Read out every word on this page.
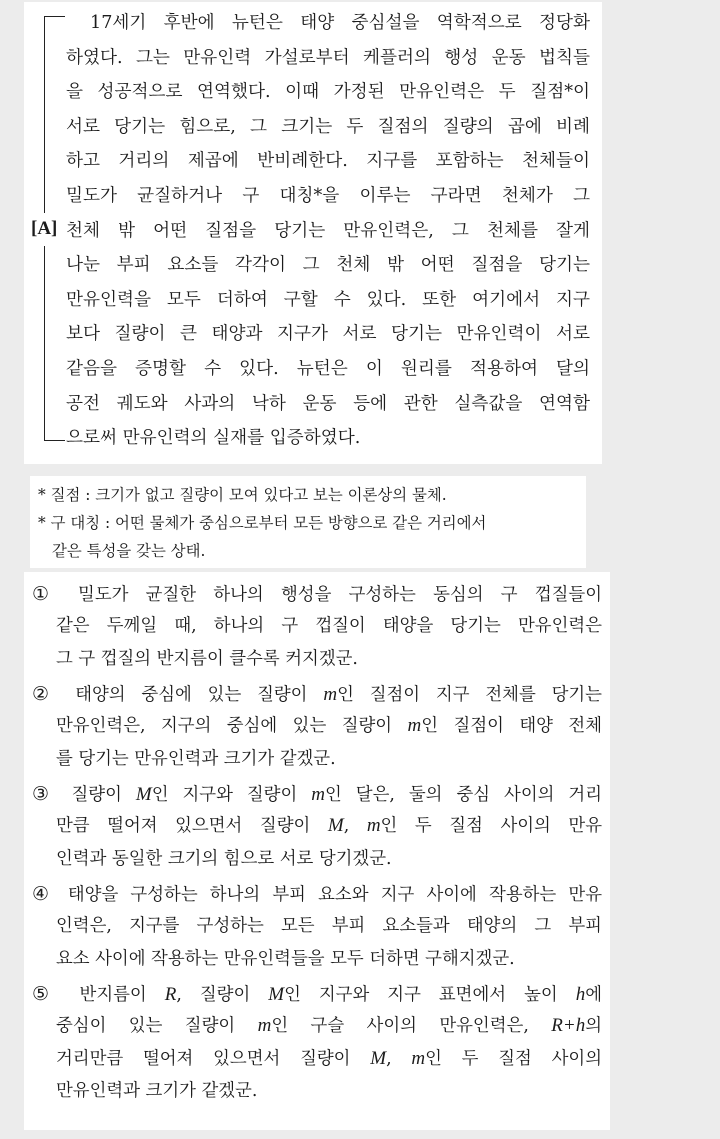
[A]
17세기 후반에 뉴턴은 태양 중심설을 역학적으로 정당화
하였다. 그는 만유인력 가설로부터 케플러의 행성 운동 법칙들
을 성공적으로 연역했다. 이때 가정된 만유인력은 두 질점*이
서로 당기는 힘으로, 그 크기는 두 질점의 질량의 곱에 비례
하고 거리의 제곱에 반비례한다. 지구를 포함하는 천체들이
밀도가 균질하거나 구 대칭*을 이루는 구라면 천체가 그
천체 밖 어떤 질점을 당기는 만유인력은, 그 천체를 잘게
나눈 부피 요소들 각각이 그 천체 밖 어떤 질점을 당기는
만유인력을 모두 더하여 구할 수 있다. 또한 여기에서 지구
보다 질량이 큰 태양과 지구가 서로 당기는 만유인력이 서로
같음을 증명할 수 있다. 뉴턴은 이 원리를 적용하여 달의
공전 궤도와 사과의 낙하 운동 등에 관한 실측값을 연역함
으로써 만유인력의 실재를 입증하였다.
* 질점 : 크기가 없고 질량이 모여 있다고 보는 이론상의 물체.
* 구 대칭 : 어떤 물체가 중심으로부터 모든 방향으로 같은 거리에서
같은 특성을 갖는 상태.
① 밀도가 균질한 하나의 행성을 구성하는 동심의 구 껍질들이
같은 두께일 때, 하나의 구 껍질이 태양을 당기는 만유인력은
그 구 껍질의 반지름이 클수록 커지겠군.
② 태양의 중심에 있는 질량이 m인 질점이 지구 전체를 당기는
만유인력은, 지구의 중심에 있는 질량이 m인 질점이 태양 전체
를 당기는 만유인력과 크기가 같겠군.
③ 질량이 M인 지구와 질량이 m인 달은, 둘의 중심 사이의 거리
만큼 떨어져 있으면서 질량이 M, m인 두 질점 사이의 만유
인력과 동일한 크기의 힘으로 서로 당기겠군.
④ 태양을 구성하는 하나의 부피 요소와 지구 사이에 작용하는 만유
인력은, 지구를 구성하는 모든 부피 요소들과 태양의 그 부피
요소 사이에 작용하는 만유인력들을 모두 더하면 구해지겠군.
⑤ 반지름이 R, 질량이 M인 지구와 지구 표면에서 높이 h에
중심이 있는 질량이 m인 구슬 사이의 만유인력은, R+h의
거리만큼 떨어져 있으면서 질량이 M, m인 두 질점 사이의
만유인력과 크기가 같겠군.
